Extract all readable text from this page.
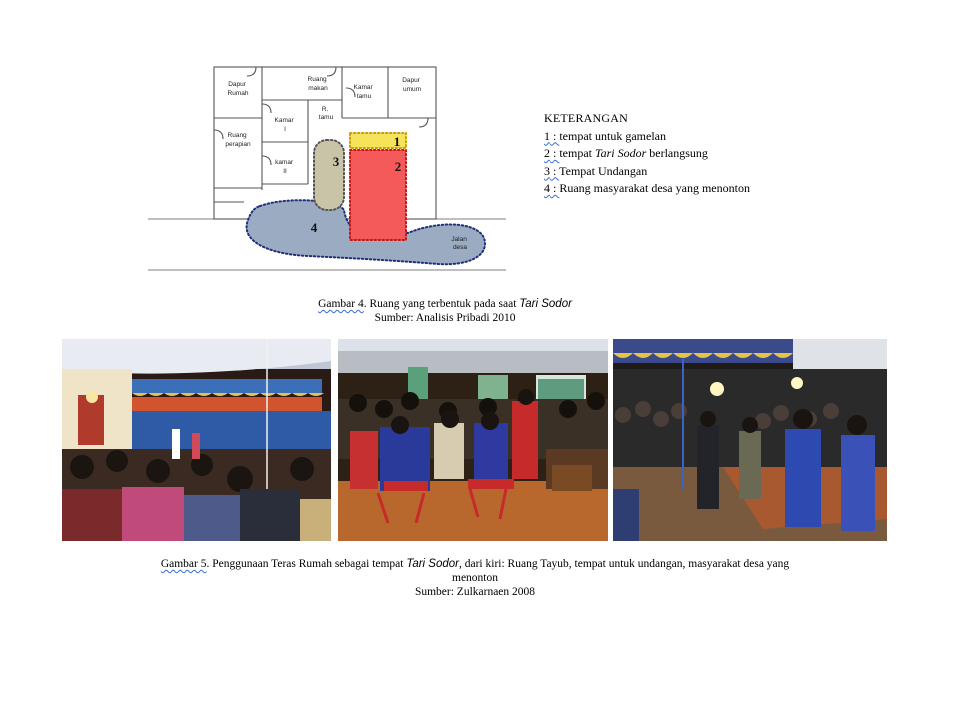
Dapur Rumah
Ruang makan	Kamar tamu
Dapur umum
Kamar I
R. tamu
Ruang perapian
kamar II
1
2
3
4
Jalan desa
KETERANGAN
1 : tempat untuk gamelan
2 : tempat Tari Sodor berlangsung
3 : Tempat Undangan
4 : Ruang masyarakat desa yang menonton
Gambar 4. Ruang yang terbentuk pada saat Tari Sodor
Sumber: Analisis Pribadi 2010
Gambar 5. Penggunaan Teras Rumah sebagai tempat Tari Sodor, dari kiri: Ruang Tayub, tempat untuk undangan, masyarakat desa yang
menonton
Sumber: Zulkarnaen 2008
